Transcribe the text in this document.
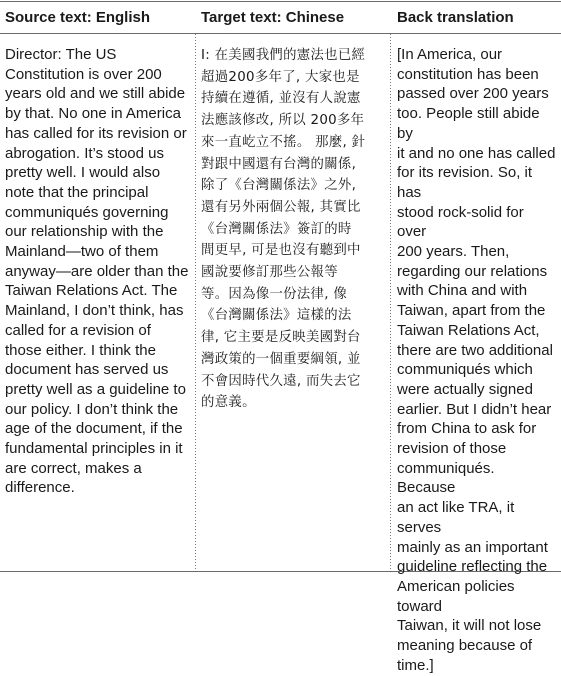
Source text: English	Target text: Chinese	Back translation
Director: The US
Constitution is over 200
years old and we still abide
by that. No one in America
has called for its revision or
abrogation. It’s stood us
pretty well. I would also
note that the principal
communiqués governing
our relationship with the
Mainland—two of them
anyway—are older than the
Taiwan Relations Act. The
Mainland, I don’t think, has
called for a revision of
those either. I think the
document has served us
pretty well as a guideline to
our policy. I don’t think the
age of the document, if the
fundamental principles in it
are correct, makes a
difference.
I: 在美國我們的憲法也已經
超過200多年了, 大家也是
持續在遵循, 並沒有人說憲
法應該修改, 所以 200多年
來一直屹立不搖。 那麼, 針
對跟中國還有台灣的關係,
除了《台灣關係法》之外,
還有另外兩個公報, 其實比
《台灣關係法》簽訂的時
間更早, 可是也沒有聽到中
國說要修訂那些公報等
等。因為像一份法律, 像
《台灣關係法》這樣的法
律, 它主要是反映美國對台
灣政策的一個重要綱領, 並
不會因時代久遠, 而失去它
的意義。
[In America, our
constitution has been
passed over 200 years
too. People still abide by
it and no one has called
for its revision. So, it has
stood rock-solid for over
200 years. Then,
regarding our relations
with China and with
Taiwan, apart from the
Taiwan Relations Act,
there are two additional
communiqués which
were actually signed
earlier. But I didn’t hear
from China to ask for
revision of those
communiqués. Because
an act like TRA, it serves
mainly as an important
guideline reflecting the
American policies toward
Taiwan, it will not lose
meaning because of
time.]
